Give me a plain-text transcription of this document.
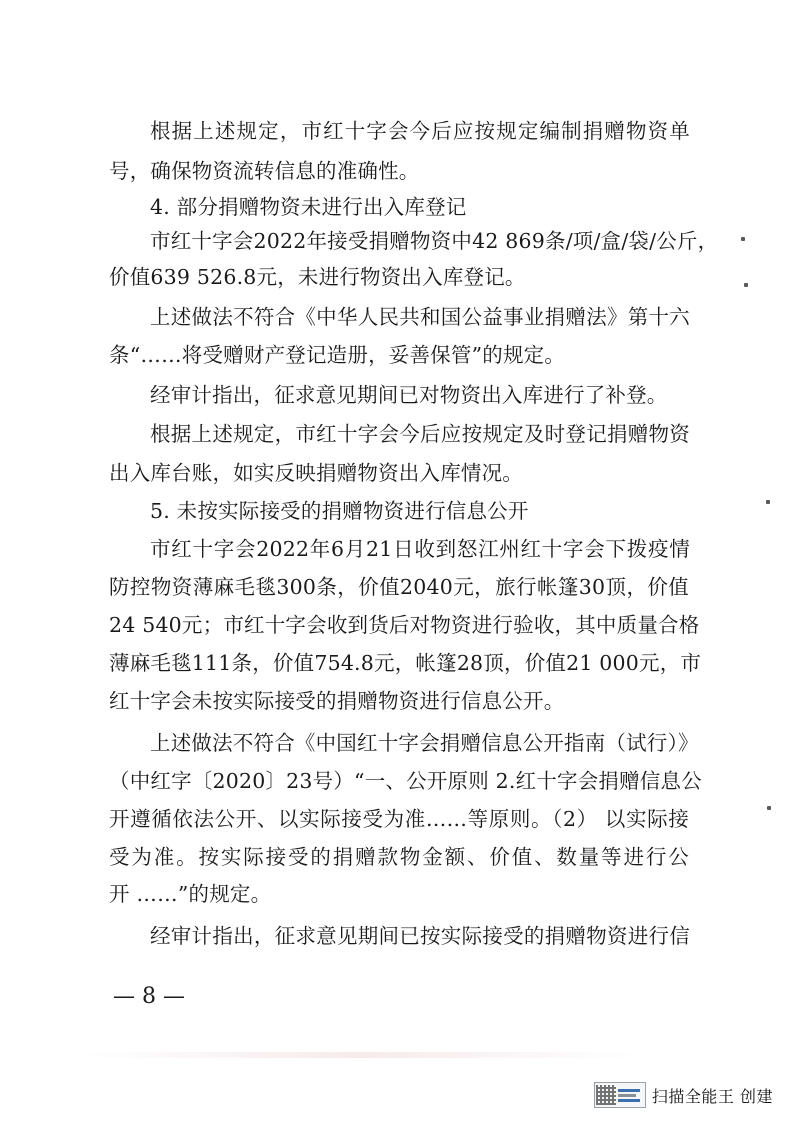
根据上述规定，市红十字会今后应按规定编制捐赠物资单
号，确保物资流转信息的准确性。
4. 部分捐赠物资未进行出入库登记
市红十字会2022年接受捐赠物资中42 869条/项/盒/袋/公斤，
价值639 526.8元，未进行物资出入库登记。
上述做法不符合《中华人民共和国公益事业捐赠法》第十六
条“……将受赠财产登记造册，妥善保管”的规定。
经审计指出，征求意见期间已对物资出入库进行了补登。
根据上述规定，市红十字会今后应按规定及时登记捐赠物资
出入库台账，如实反映捐赠物资出入库情况。
5. 未按实际接受的捐赠物资进行信息公开
市红十字会2022年6月21日收到怒江州红十字会下拨疫情
防控物资薄麻毛毯300条，价值2040元，旅行帐篷30顶，价值
24 540元；市红十字会收到货后对物资进行验收，其中质量合格
薄麻毛毯111条，价值754.8元，帐篷28顶，价值21 000元，市
红十字会未按实际接受的捐赠物资进行信息公开。
上述做法不符合《中国红十字会捐赠信息公开指南（试行）》
（中红字〔2020〕23号）“一、公开原则 2.红十字会捐赠信息公
开遵循依法公开、以实际接受为准……等原则。（2） 以实际接
受为准。按实际接受的捐赠款物金额、价值、数量等进行公
开 ……”的规定。
经审计指出，征求意见期间已按实际接受的捐赠物资进行信
— 8 —
扫描全能王 创建
